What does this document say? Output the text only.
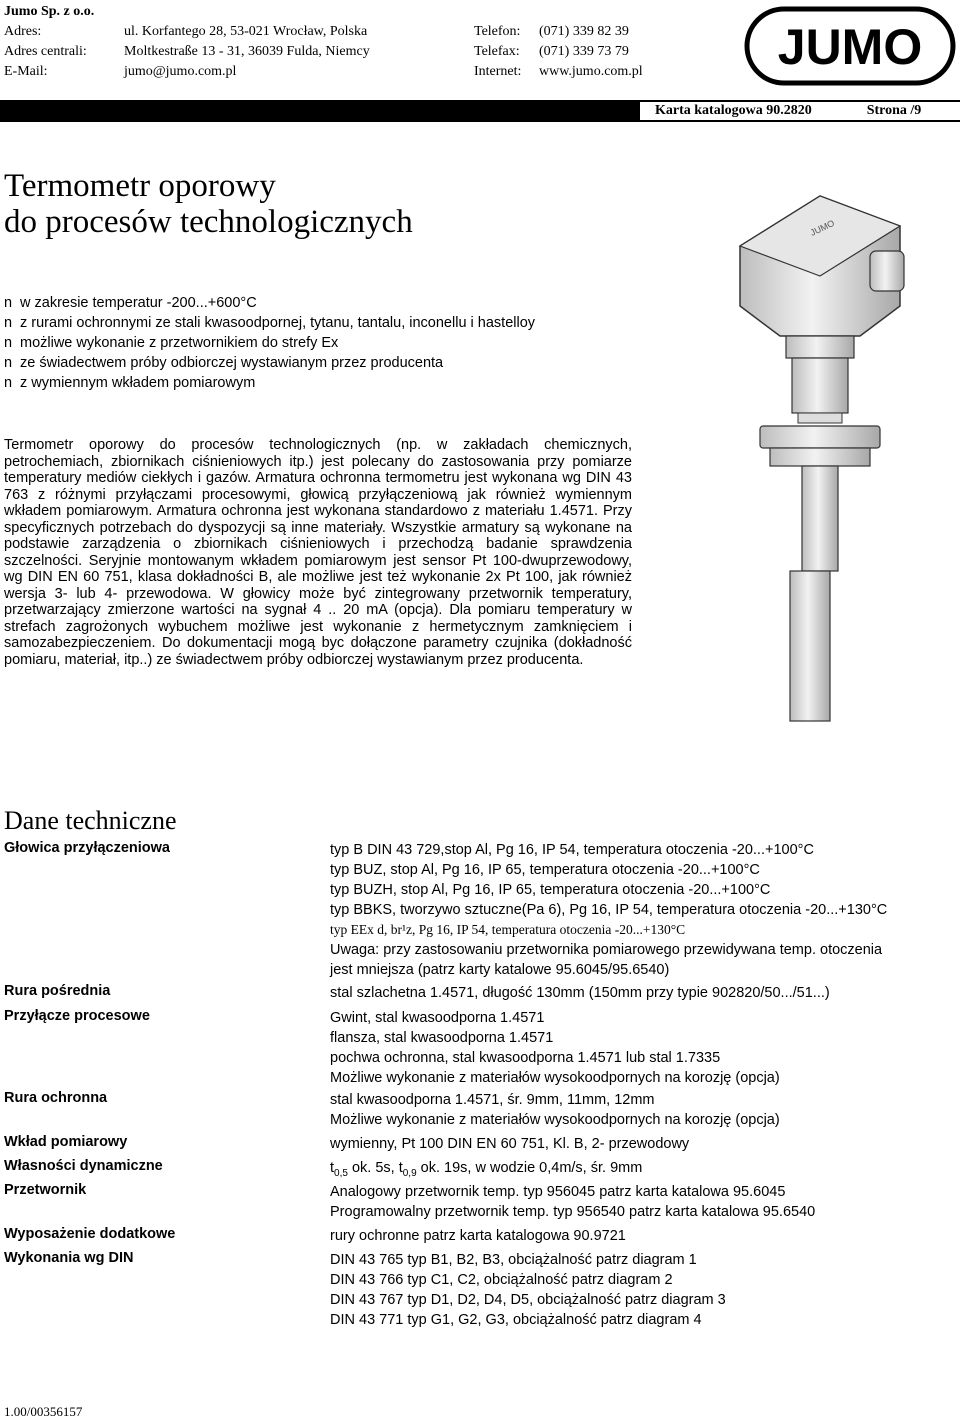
Jumo Sp. z o.o.
Adres:	ul. Korfantego 28, 53-021 Wrocław, Polska	Telefon: (071) 339 82 39
Adres centrali:	Moltkestraße 13 - 31, 36039 Fulda, Niemcy	Telefax: (071) 339 73 79
E-Mail:	jumo@jumo.com.pl	Internet: www.jumo.com.pl	JUMO
Karta katalogowa 90.2820	Strona /9
Termometr oporowy
do procesów technologicznych
n w zakresie temperatur -200...+600°C
n z rurami ochronnymi ze stali kwasoodpornej, tytanu, tantalu, inconellu i hastelloy
n możliwe wykonanie z przetwornikiem do strefy Ex
n ze świadectwem próby odbiorczej wystawianym przez producenta
n z wymiennym wkładem pomiarowym
Termometr oporowy do procesów technologicznych (np. w zakładach chemicznych, petrochemiach, zbiornikach ciśnieniowych itp.) jest polecany do zastosowania przy pomiarze temperatury mediów ciekłych i gazów. Armatura ochronna termometru jest wykonana wg DIN 43 763 z różnymi przyłączami procesowymi, głowicą przyłączeniową jak również wymiennym wkładem pomiarowym. Armatura ochronna jest wykonana standardowo z materiału 1.4571. Przy specyficznych potrzebach do dyspozycji są inne materiały. Wszystkie armatury są wykonane na podstawie zarządzenia o zbiornikach ciśnieniowych i przechodzą badanie sprawdzenia szczelności. Seryjnie montowanym wkładem pomiarowym jest sensor Pt 100-dwuprzewodowy, wg DIN EN 60 751, klasa dokładności B, ale możliwe jest też wykonanie 2x Pt 100, jak również wersja 3- lub 4- przewodowa. W głowicy może być zintegrowany przetwornik temperatury, przetwarzający zmierzone wartości na sygnał 4 .. 20 mA (opcja). Dla pomiaru temperatury w strefach zagrożonych wybuchem możliwe jest wykonanie z hermetycznym zamknięciem i samozabezpieczeniem. Do dokumentacji mogą byc dołączone parametry czujnika (dokładność pomiaru, materiał, itp..) ze świadectwem próby odbiorczej wystawianym przez producenta.
JUMO
Dane techniczne
Głowica przyłączeniowa	typ B DIN 43 729,stop Al, Pg 16, IP 54, temperatura otoczenia -20...+100°C
typ BUZ, stop Al, Pg 16, IP 65, temperatura otoczenia -20...+100°C
typ BUZH, stop Al, Pg 16, IP 65, temperatura otoczenia -20...+100°C
typ BBKS, tworzywo sztuczne(Pa 6), Pg 16, IP 54, temperatura otoczenia -20...+130°C
typ EEx d, br¹z, Pg 16, IP 54, temperatura otoczenia -20...+130°C
Uwaga: przy zastosowaniu przetwornika pomiarowego przewidywana temp. otoczenia
jest mniejsza (patrz karty katalowe 95.6045/95.6540)
Rura pośrednia	stal szlachetna 1.4571, długość 130mm (150mm przy typie 902820/50.../51...)
Przyłącze procesowe	Gwint, stal kwasoodporna 1.4571
flansza, stal kwasoodporna 1.4571
pochwa ochronna, stal kwasoodporna 1.4571 lub stal 1.7335
Możliwe wykonanie z materiałów wysokoodpornych na korozję (opcja)
Rura ochronna	stal kwasoodporna 1.4571, śr. 9mm, 11mm, 12mm
Możliwe wykonanie z materiałów wysokoodpornych na korozję (opcja)
Wkład pomiarowy	wymienny, Pt 100 DIN EN 60 751, Kl. B, 2- przewodowy
Własności dynamiczne	$t_{0,5}$ ok. 5s, $t_{0,9}$ ok. 19s, w wodzie 0,4m/s, śr. 9mm
Przetwornik	Analogowy przetwornik temp. typ 956045 patrz karta katalowa 95.6045
Programowalny przetwornik temp. typ 956540 patrz karta katalowa 95.6540
Wyposażenie dodatkowe	rury ochronne patrz karta katalogowa 90.9721
Wykonania wg DIN	DIN 43 765 typ B1, B2, B3, obciążalność patrz diagram 1
DIN 43 766 typ C1, C2, obciążalność patrz diagram 2
DIN 43 767 typ D1, D2, D4, D5, obciążalność patrz diagram 3
DIN 43 771 typ G1, G2, G3, obciążalność patrz diagram 4
1.00/00356157
